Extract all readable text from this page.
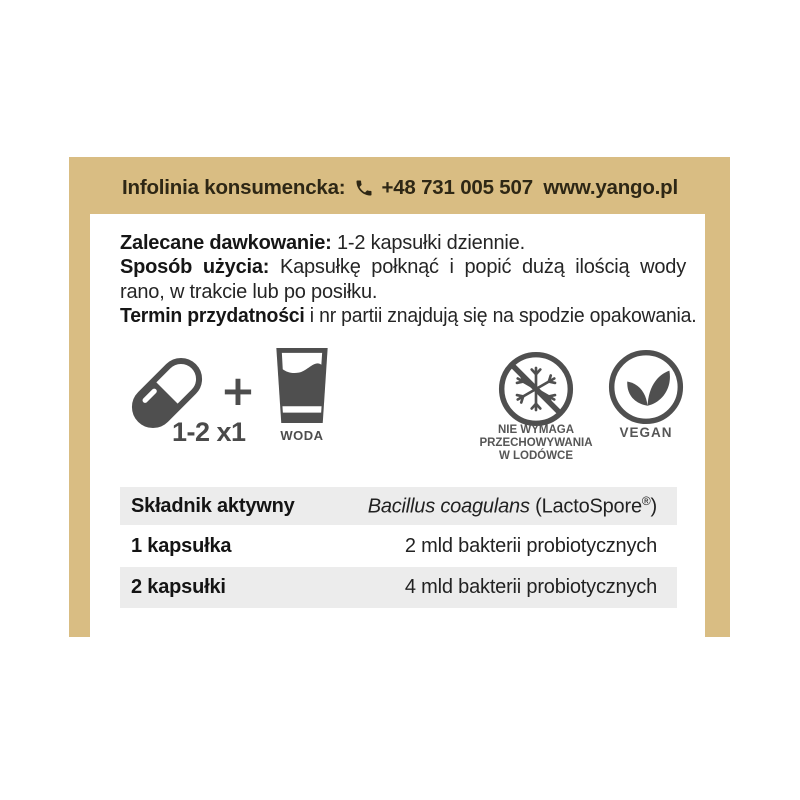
Infolinia konsumencka: +48 731 005 507 www.yango.pl

Zalecane dawkowanie: 1-2 kapsułki dziennie.

Sposób użycia: Kapsułkę połknąć i popić dużą ilością wody rano, w trakcie lub po posiłku.

Termin przydatności i nr partii znajdują się na spodzie opakowania.

1-2 x1
+
WODA	NIE WYMAGA
PRZECHOWYWANIA
W LODÓWCE
VEGAN
Składnik aktywny	Bacillus coagulans (LactoSpore®)
1 kapsułka	2 mld bakterii probiotycznych
2 kapsułki	4 mld bakterii probiotycznych
